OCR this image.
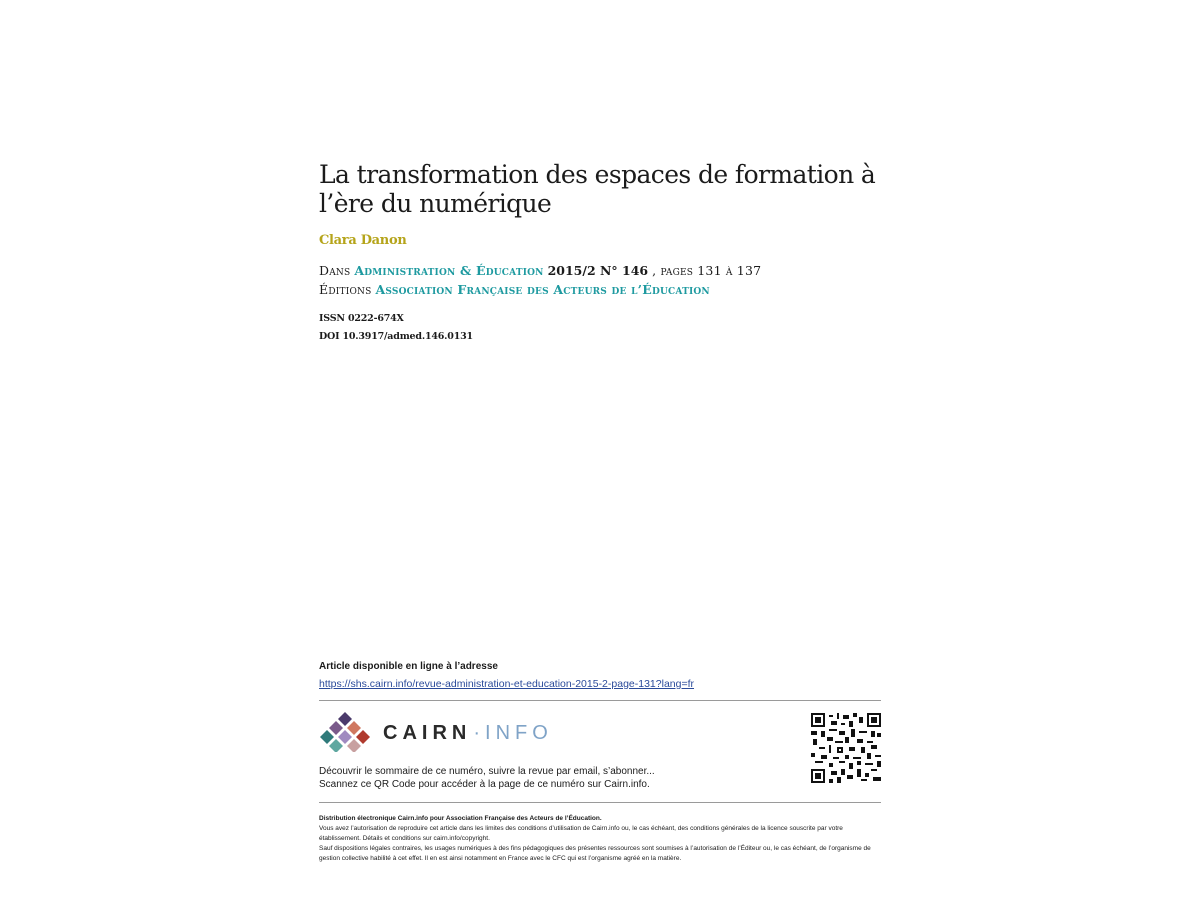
La transformation des espaces de formation à l’ère du numérique
Clara Danon
Dans Administration & Éducation 2015/2 N° 146 , pages 131 à 137
Éditions Association Française des Acteurs de l’Éducation
ISSN 0222-674X
DOI 10.3917/admed.146.0131
Article disponible en ligne à l’adresse
https://shs.cairn.info/revue-administration-et-education-2015-2-page-131?lang=fr
CAIRN · INFO
Découvrir le sommaire de ce numéro, suivre la revue par email, s’abonner...
Scannez ce QR Code pour accéder à la page de ce numéro sur Cairn.info.
Distribution électronique Cairn.info pour Association Française des Acteurs de l’Éducation.
Vous avez l’autorisation de reproduire cet article dans les limites des conditions d’utilisation de Cairn.info ou, le cas échéant, des conditions générales de la licence souscrite par votre établissement. Détails et conditions sur cairn.info/copyright.
Sauf dispositions légales contraires, les usages numériques à des fins pédagogiques des présentes ressources sont soumises à l’autorisation de l’Éditeur ou, le cas échéant, de l’organisme de gestion collective habilité à cet effet. Il en est ainsi notamment en France avec le CFC qui est l’organisme agréé en la matière.
